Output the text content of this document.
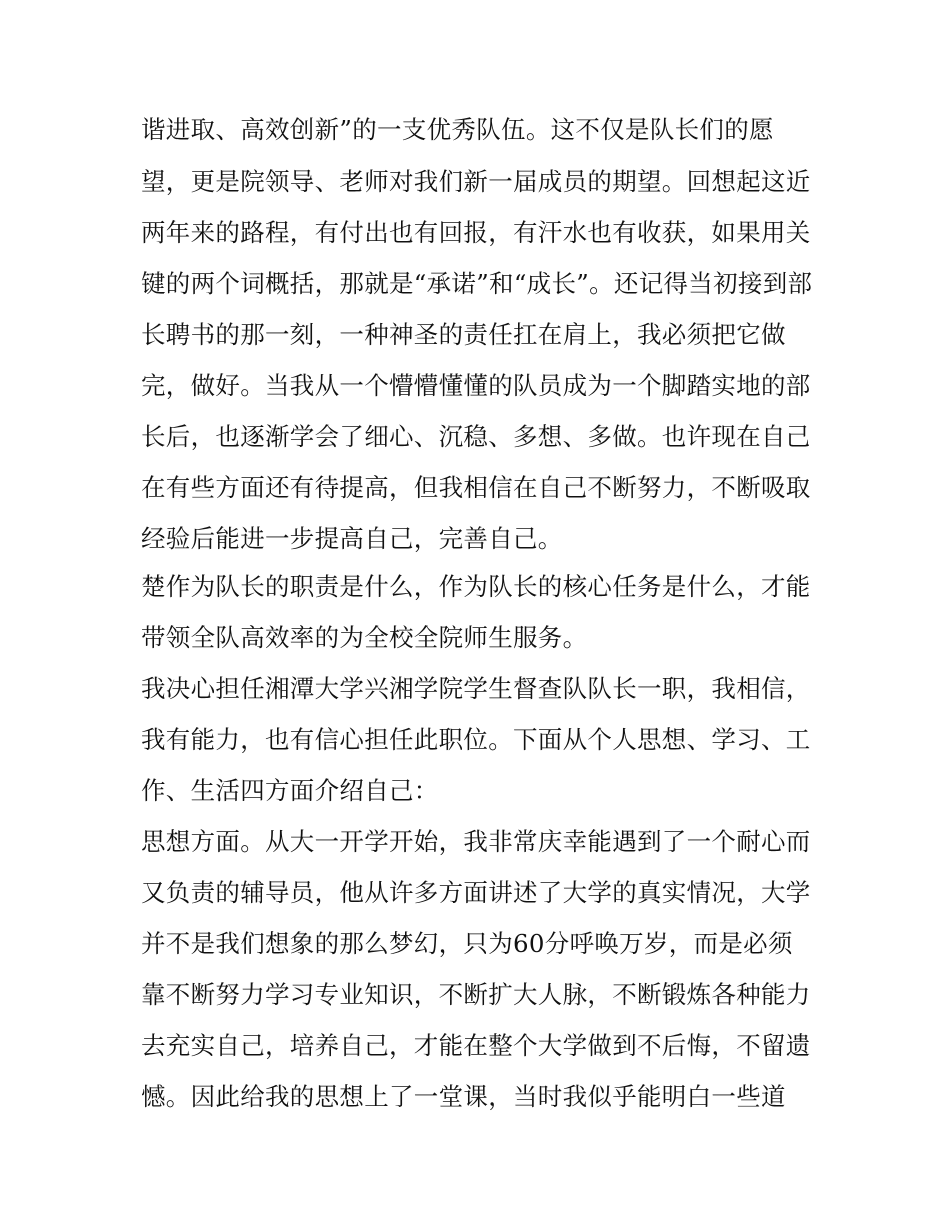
谐进取、高效创新”的一支优秀队伍。这不仅是队长们的愿
望，更是院领导、老师对我们新一届成员的期望。回想起这近
两年来的路程，有付出也有回报，有汗水也有收获，如果用关
键的两个词概括，那就是“承诺”和“成长”。还记得当初接到部
长聘书的那一刻，一种神圣的责任扛在肩上，我必须把它做
完，做好。当我从一个懵懵懂懂的队员成为一个脚踏实地的部
长后，也逐渐学会了细心、沉稳、多想、多做。也许现在自己
在有些方面还有待提高，但我相信在自己不断努力，不断吸取
经验后能进一步提高自己，完善自己。
楚作为队长的职责是什么，作为队长的核心任务是什么，才能
带领全队高效率的为全校全院师生服务。
我决心担任湘潭大学兴湘学院学生督查队队长一职，我相信，
我有能力，也有信心担任此职位。下面从个人思想、学习、工
作、生活四方面介绍自己：
思想方面。从大一开学开始，我非常庆幸能遇到了一个耐心而
又负责的辅导员，他从许多方面讲述了大学的真实情况，大学
并不是我们想象的那么梦幻，只为60分呼唤万岁，而是必须
靠不断努力学习专业知识，不断扩大人脉，不断锻炼各种能力
去充实自己，培养自己，才能在整个大学做到不后悔，不留遗
憾。因此给我的思想上了一堂课，当时我似乎能明白一些道
